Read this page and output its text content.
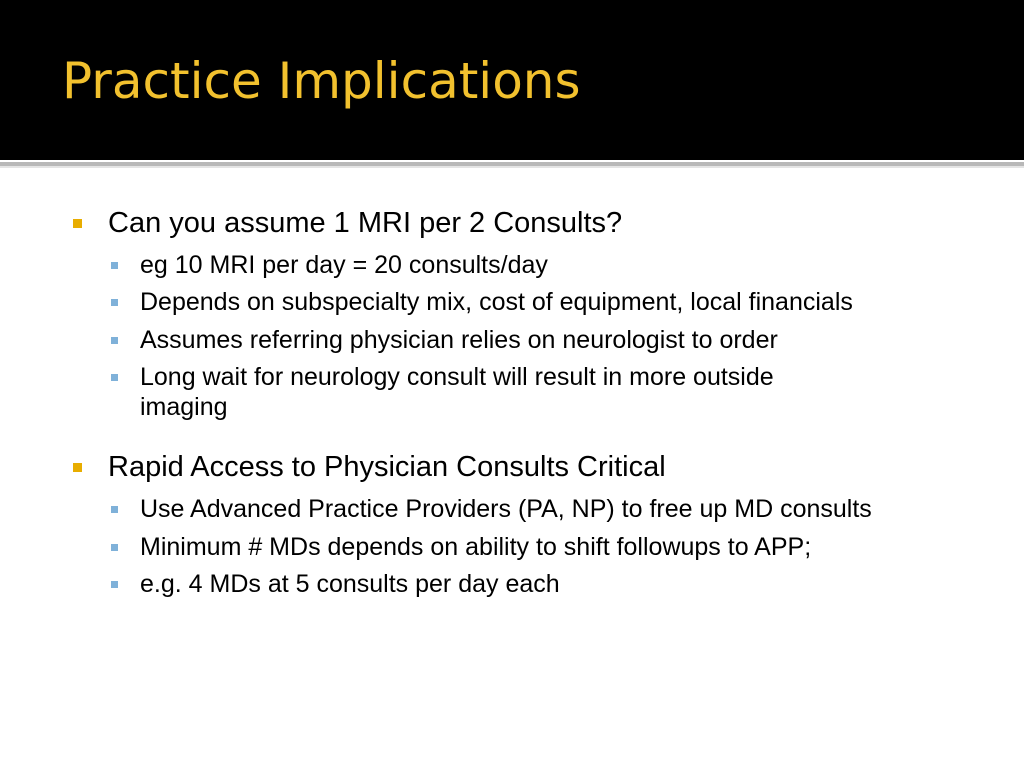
Practice Implications
Can you assume 1 MRI per 2 Consults?
eg 10 MRI per day = 20 consults/day
Depends on subspecialty mix, cost of equipment, local financials
Assumes referring physician relies on neurologist to order
Long wait for neurology consult will result in more outside
imaging
Rapid Access to Physician Consults Critical
Use Advanced Practice Providers (PA, NP) to free up MD consults
Minimum # MDs depends on ability to shift followups to APP;
e.g. 4 MDs at 5 consults per day each
